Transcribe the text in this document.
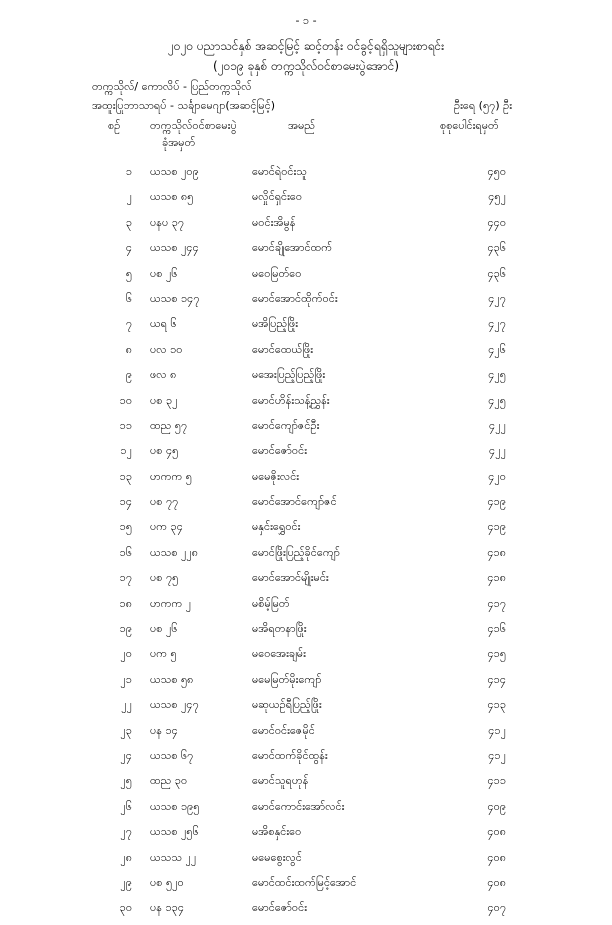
- ၁ -
၂၀၂၀ ပညာသင်နှစ် အဆင့်မြင့် ဆင့်တန်း ဝင်ခွင့်ရရှိသူများစာရင်း
(၂၀၁၉ ခုနှစ် တက္ကသိုလ်ဝင်စာမေးပွဲအောင်)
တက္ကသိုလ်/ ကောလိပ် - ပြည်တက္ကသိုလ်
အထူးပြုဘာသာရပ် - သင်္ချာမေဂျာ(အဆင့်မြင့်)	ဦးရေ (၅၇) ဦး
စဉ်	တက္ကသိုလ်ဝင်စာမေးပွဲ
ခုံအမှတ်
အမည်	စုစုပေါင်းရမှတ်
၁ ယသစ ၂၀၉	မောင်ရဲဝင်းသူ	၄၅၀
၂ ယသစ ၈၅	မလှိုင်ရှင်းဝေ	၄၅၂
၃ ပနပ ၃၇	မဝင်းအိမွန်	၄၄၀
၄ ယသစ ၂၄၄	မောင်ချိုအောင်ထက်	၄၃၆
၅ ပစ ၂၆	မဝေမြတ်ဝေ	၄၃၆
၆ ယသစ ၁၄၇	မောင်အောင်ထိုက်ဝင်း	၄၂၇
၇ ယရ ၆	မအိပြည့်ဖြိုး	၄၂၇
၈ ပလ ၁၀	မောင်ထေယ်ဖြိုး	၄၂၆
၉ ဖလ ၈	မအေးပြည့်ပြည့်ဖြိုး	၄၂၅
၁၀ ပစ ၃၂	မောင်ဟိန်းသန့်ညွှန်း	၄၂၅
၁၁ ထည ၅၇	မောင်ကျော်ဇင်ဦး	၄၂၂
၁၂ ပစ ၄၅	မောင်ဇော်ဝင်း	၄၂၂
၁၃ ဟကက ၅	မမေဇိုးလင်း	၄၂၀
၁၄ ပစ ၇၇	မောင်အောင်ကျော်ဇင်	၄၁၉
၁၅ ပက ၃၄	မနှင်းရွှေဝင်း	၄၁၉
၁၆ ယသစ ၂၂၈	မောင်ဖြိုးပြည့်ခိုင်ကျော်	၄၁၈
၁၇ ပစ ၇၅	မောင်အောင်မျိုးမင်း	၄၁၈
၁၈ ဟကက ၂	မစိမ့်မြတ်	၄၁၇
၁၉ ပစ ၂၆	မအိရတနာဖြိုး	၄၁၆
၂၀ ပက ၅	မဝေအေးချမ်း	၄၁၅
၂၁ ယသစ ၅၈	မမေမြတ်မိုးကျော်	၄၁၄
၂၂ ယသစ ၂၄၇	မဆုယဉ်ရီပြည့်ဖြိုး	၄၁၃
၂၃ ပန ၁၄	မောင်ဝင်းဇေမိုင်	၄၁၂
၂၄ ယသစ ၆၇	မောင်ထက်ခိုင်ထွန်း	၄၁၂
၂၅ ထည ၃၀	မောင်သူရဟုန်	၄၁၁
၂၆ ယသစ ၁၉၅	မောင်ကောင်းအော်လင်း	၄၀၉
၂၇ ယသစ ၂၅၆	မအိစနှင်းဝေ	၄၀၈
၂၈ ယသသ ၂၂	မမေစွေးလွင်	၄၀၈
၂၉ ပစ ၅၂၀	မောင်ထင်းထက်မြင့်အောင်	၄၀၈
၃၀ ပန ၁၃၄	မောင်ဇော်ဝင်း	၄၀၇
